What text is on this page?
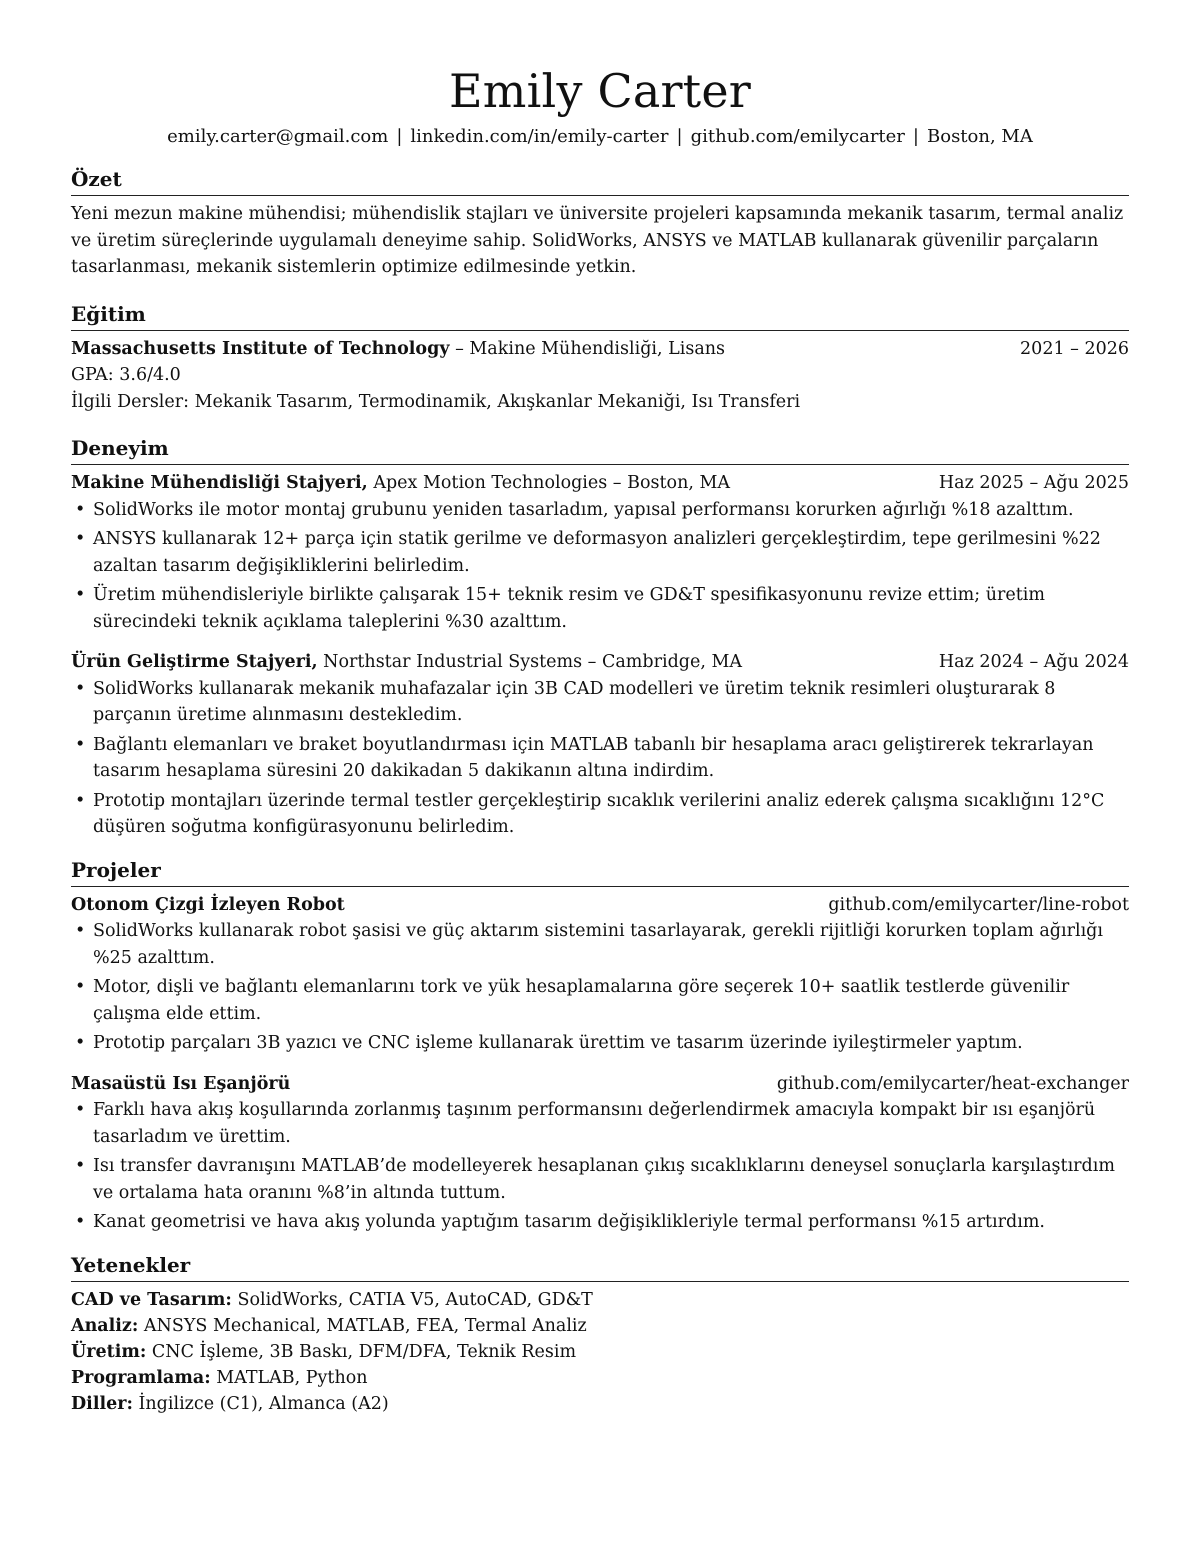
Emily Carter
emily.carter@gmail.com | linkedin.com/in/emily-carter | github.com/emilycarter | Boston, MA
Özet
Yeni mezun makine mühendisi; mühendislik stajları ve üniversite projeleri kapsamında mekanik tasarım, termal analiz ve üretim süreçlerinde uygulamalı deneyime sahip. SolidWorks, ANSYS ve MATLAB kullanarak güvenilir parçaların tasarlanması, mekanik sistemlerin optimize edilmesinde yetkin.
Eğitim
Massachusetts Institute of Technology – Makine Mühendisliği, Lisans	2021 – 2026
GPA: 3.6/4.0
İlgili Dersler: Mekanik Tasarım, Termodinamik, Akışkanlar Mekaniği, Isı Transferi
Deneyim
Makine Mühendisliği Stajyeri, Apex Motion Technologies – Boston, MA	Haz 2025 – Ağu 2025
• SolidWorks ile motor montaj grubunu yeniden tasarladım, yapısal performansı korurken ağırlığı %18 azalttım.
• ANSYS kullanarak 12+ parça için statik gerilme ve deformasyon analizleri gerçekleştirdim, tepe gerilmesini %22 azaltan tasarım değişikliklerini belirledim.
• Üretim mühendisleriyle birlikte çalışarak 15+ teknik resim ve GD&T spesifikasyonunu revize ettim; üretim sürecindeki teknik açıklama taleplerini %30 azalttım.
Ürün Geliştirme Stajyeri, Northstar Industrial Systems – Cambridge, MA	Haz 2024 – Ağu 2024
• SolidWorks kullanarak mekanik muhafazalar için 3B CAD modelleri ve üretim teknik resimleri oluşturarak 8 parçanın üretime alınmasını destekledim.
• Bağlantı elemanları ve braket boyutlandırması için MATLAB tabanlı bir hesaplama aracı geliştirerek tekrarlayan tasarım hesaplama süresini 20 dakikadan 5 dakikanın altına indirdim.
• Prototip montajları üzerinde termal testler gerçekleştirip sıcaklık verilerini analiz ederek çalışma sıcaklığını 12°C düşüren soğutma konfigürasyonunu belirledim.
Projeler
Otonom Çizgi İzleyen Robot	github.com/emilycarter/line-robot
• SolidWorks kullanarak robot şasisi ve güç aktarım sistemini tasarlayarak, gerekli rijitliği korurken toplam ağırlığı %25 azalttım.
• Motor, dişli ve bağlantı elemanlarını tork ve yük hesaplamalarına göre seçerek 10+ saatlik testlerde güvenilir çalışma elde ettim.
• Prototip parçaları 3B yazıcı ve CNC işleme kullanarak ürettim ve tasarım üzerinde iyileştirmeler yaptım.
Masaüstü Isı Eşanjörü	github.com/emilycarter/heat-exchanger
• Farklı hava akış koşullarında zorlanmış taşınım performansını değerlendirmek amacıyla kompakt bir ısı eşanjörü tasarladım ve ürettim.
• Isı transfer davranışını MATLAB’de modelleyerek hesaplanan çıkış sıcaklıklarını deneysel sonuçlarla karşılaştırdım ve ortalama hata oranını %8’in altında tuttum.
• Kanat geometrisi ve hava akış yolunda yaptığım tasarım değişiklikleriyle termal performansı %15 artırdım.
Yetenekler
CAD ve Tasarım: SolidWorks, CATIA V5, AutoCAD, GD&T
Analiz: ANSYS Mechanical, MATLAB, FEA, Termal Analiz
Üretim: CNC İşleme, 3B Baskı, DFM/DFA, Teknik Resim
Programlama: MATLAB, Python
Diller: İngilizce (C1), Almanca (A2)
